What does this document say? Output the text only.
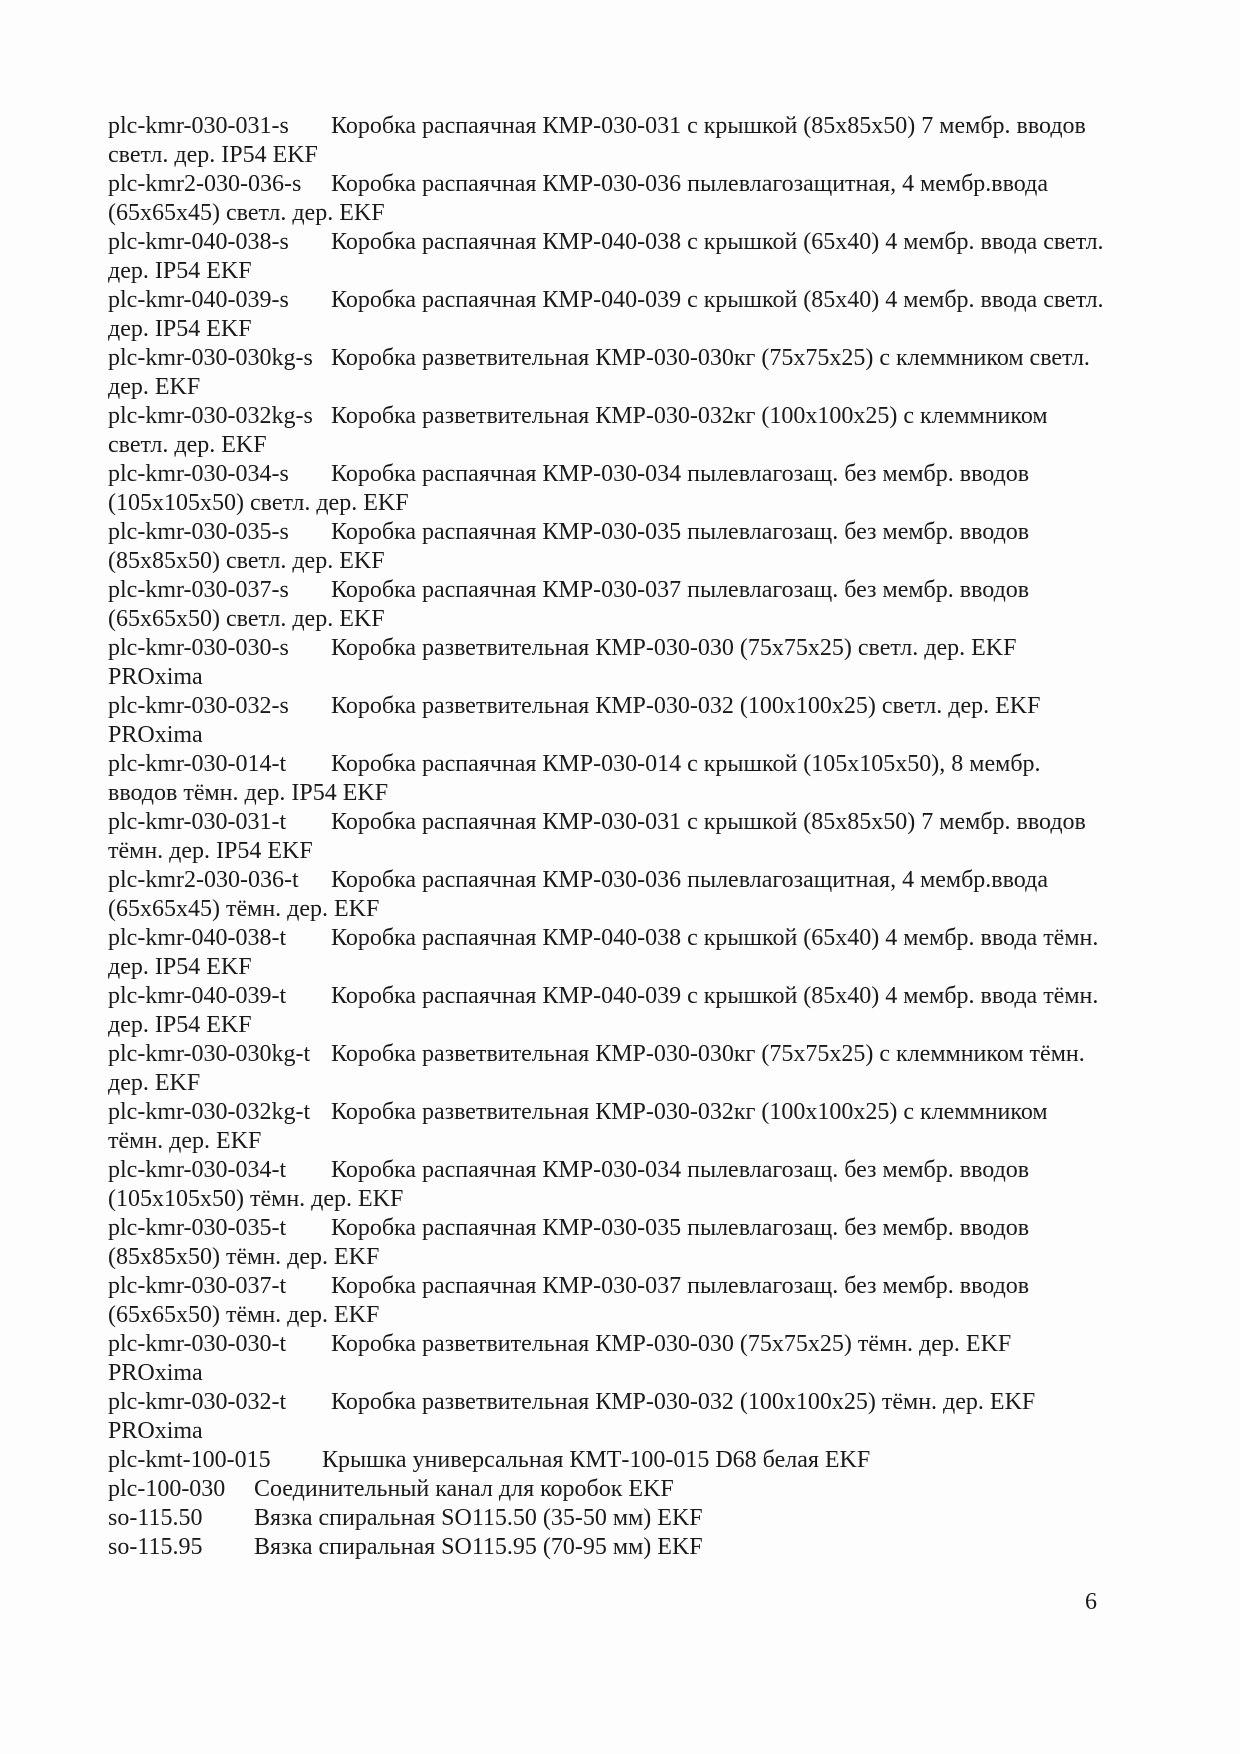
plc-kmr-030-031-s Коробка распаячная КМР-030-031 с крышкой (85х85х50) 7 мембр. вводов светл. дер. IP54 EKF

plc-kmr2-030-036-s Коробка распаячная КМР-030-036 пылевлагозащитная, 4 мембр.ввода (65х65х45) светл. дер. EKF

plc-kmr-040-038-s Коробка распаячная КМР-040-038 с крышкой (65х40) 4 мембр. ввода светл. дер. IP54 EKF

plc-kmr-040-039-s Коробка распаячная КМР-040-039 с крышкой (85х40) 4 мембр. ввода светл. дер. IP54 EKF

plc-kmr-030-030kg-s Коробка разветвительная КМР-030-030кг (75х75х25) с клеммником светл. дер. EKF

plc-kmr-030-032kg-s Коробка разветвительная КМР-030-032кг (100х100х25) с клеммником светл. дер. EKF

plc-kmr-030-034-s Коробка распаячная КМР-030-034 пылевлагозащ. без мембр. вводов (105х105х50) светл. дер. EKF

plc-kmr-030-035-s Коробка распаячная КМР-030-035 пылевлагозащ. без мембр. вводов (85х85х50) светл. дер. EKF

plc-kmr-030-037-s Коробка распаячная КМР-030-037 пылевлагозащ. без мембр. вводов (65х65х50) светл. дер. EKF

plc-kmr-030-030-s Коробка разветвительная КМР-030-030 (75х75х25) светл. дер. EKF PROxima

plc-kmr-030-032-s Коробка разветвительная КМР-030-032 (100х100х25) светл. дер. EKF PROxima

plc-kmr-030-014-t Коробка распаячная КМР-030-014 с крышкой (105х105х50), 8 мембр. вводов тёмн. дер. IP54 EKF

plc-kmr-030-031-t Коробка распаячная КМР-030-031 с крышкой (85х85х50) 7 мембр. вводов тёмн. дер. IP54 EKF

plc-kmr2-030-036-t Коробка распаячная КМР-030-036 пылевлагозащитная, 4 мембр.ввода (65х65х45) тёмн. дер. EKF

plc-kmr-040-038-t Коробка распаячная КМР-040-038 с крышкой (65х40) 4 мембр. ввода тёмн. дер. IP54 EKF

plc-kmr-040-039-t Коробка распаячная КМР-040-039 с крышкой (85х40) 4 мембр. ввода тёмн. дер. IP54 EKF

plc-kmr-030-030kg-t Коробка разветвительная КМР-030-030кг (75х75х25) с клеммником тёмн. дер. EKF

plc-kmr-030-032kg-t Коробка разветвительная КМР-030-032кг (100х100х25) с клеммником тёмн. дер. EKF

plc-kmr-030-034-t Коробка распаячная КМР-030-034 пылевлагозащ. без мембр. вводов (105х105х50) тёмн. дер. EKF

plc-kmr-030-035-t Коробка распаячная КМР-030-035 пылевлагозащ. без мембр. вводов (85х85х50) тёмн. дер. EKF

plc-kmr-030-037-t Коробка распаячная КМР-030-037 пылевлагозащ. без мембр. вводов (65х65х50) тёмн. дер. EKF

plc-kmr-030-030-t Коробка разветвительная КМР-030-030 (75х75х25) тёмн. дер. EKF PROxima

plc-kmr-030-032-t Коробка разветвительная КМР-030-032 (100х100х25) тёмн. дер. EKF PROxima

plc-kmt-100-015 Крышка универсальная КМТ-100-015 D68 белая EKF

plc-100-030 Соединительный канал для коробок EKF

so-115.50 Вязка спиральная SO115.50 (35-50 мм) EKF

so-115.95 Вязка спиральная SO115.95 (70-95 мм) EKF

6
